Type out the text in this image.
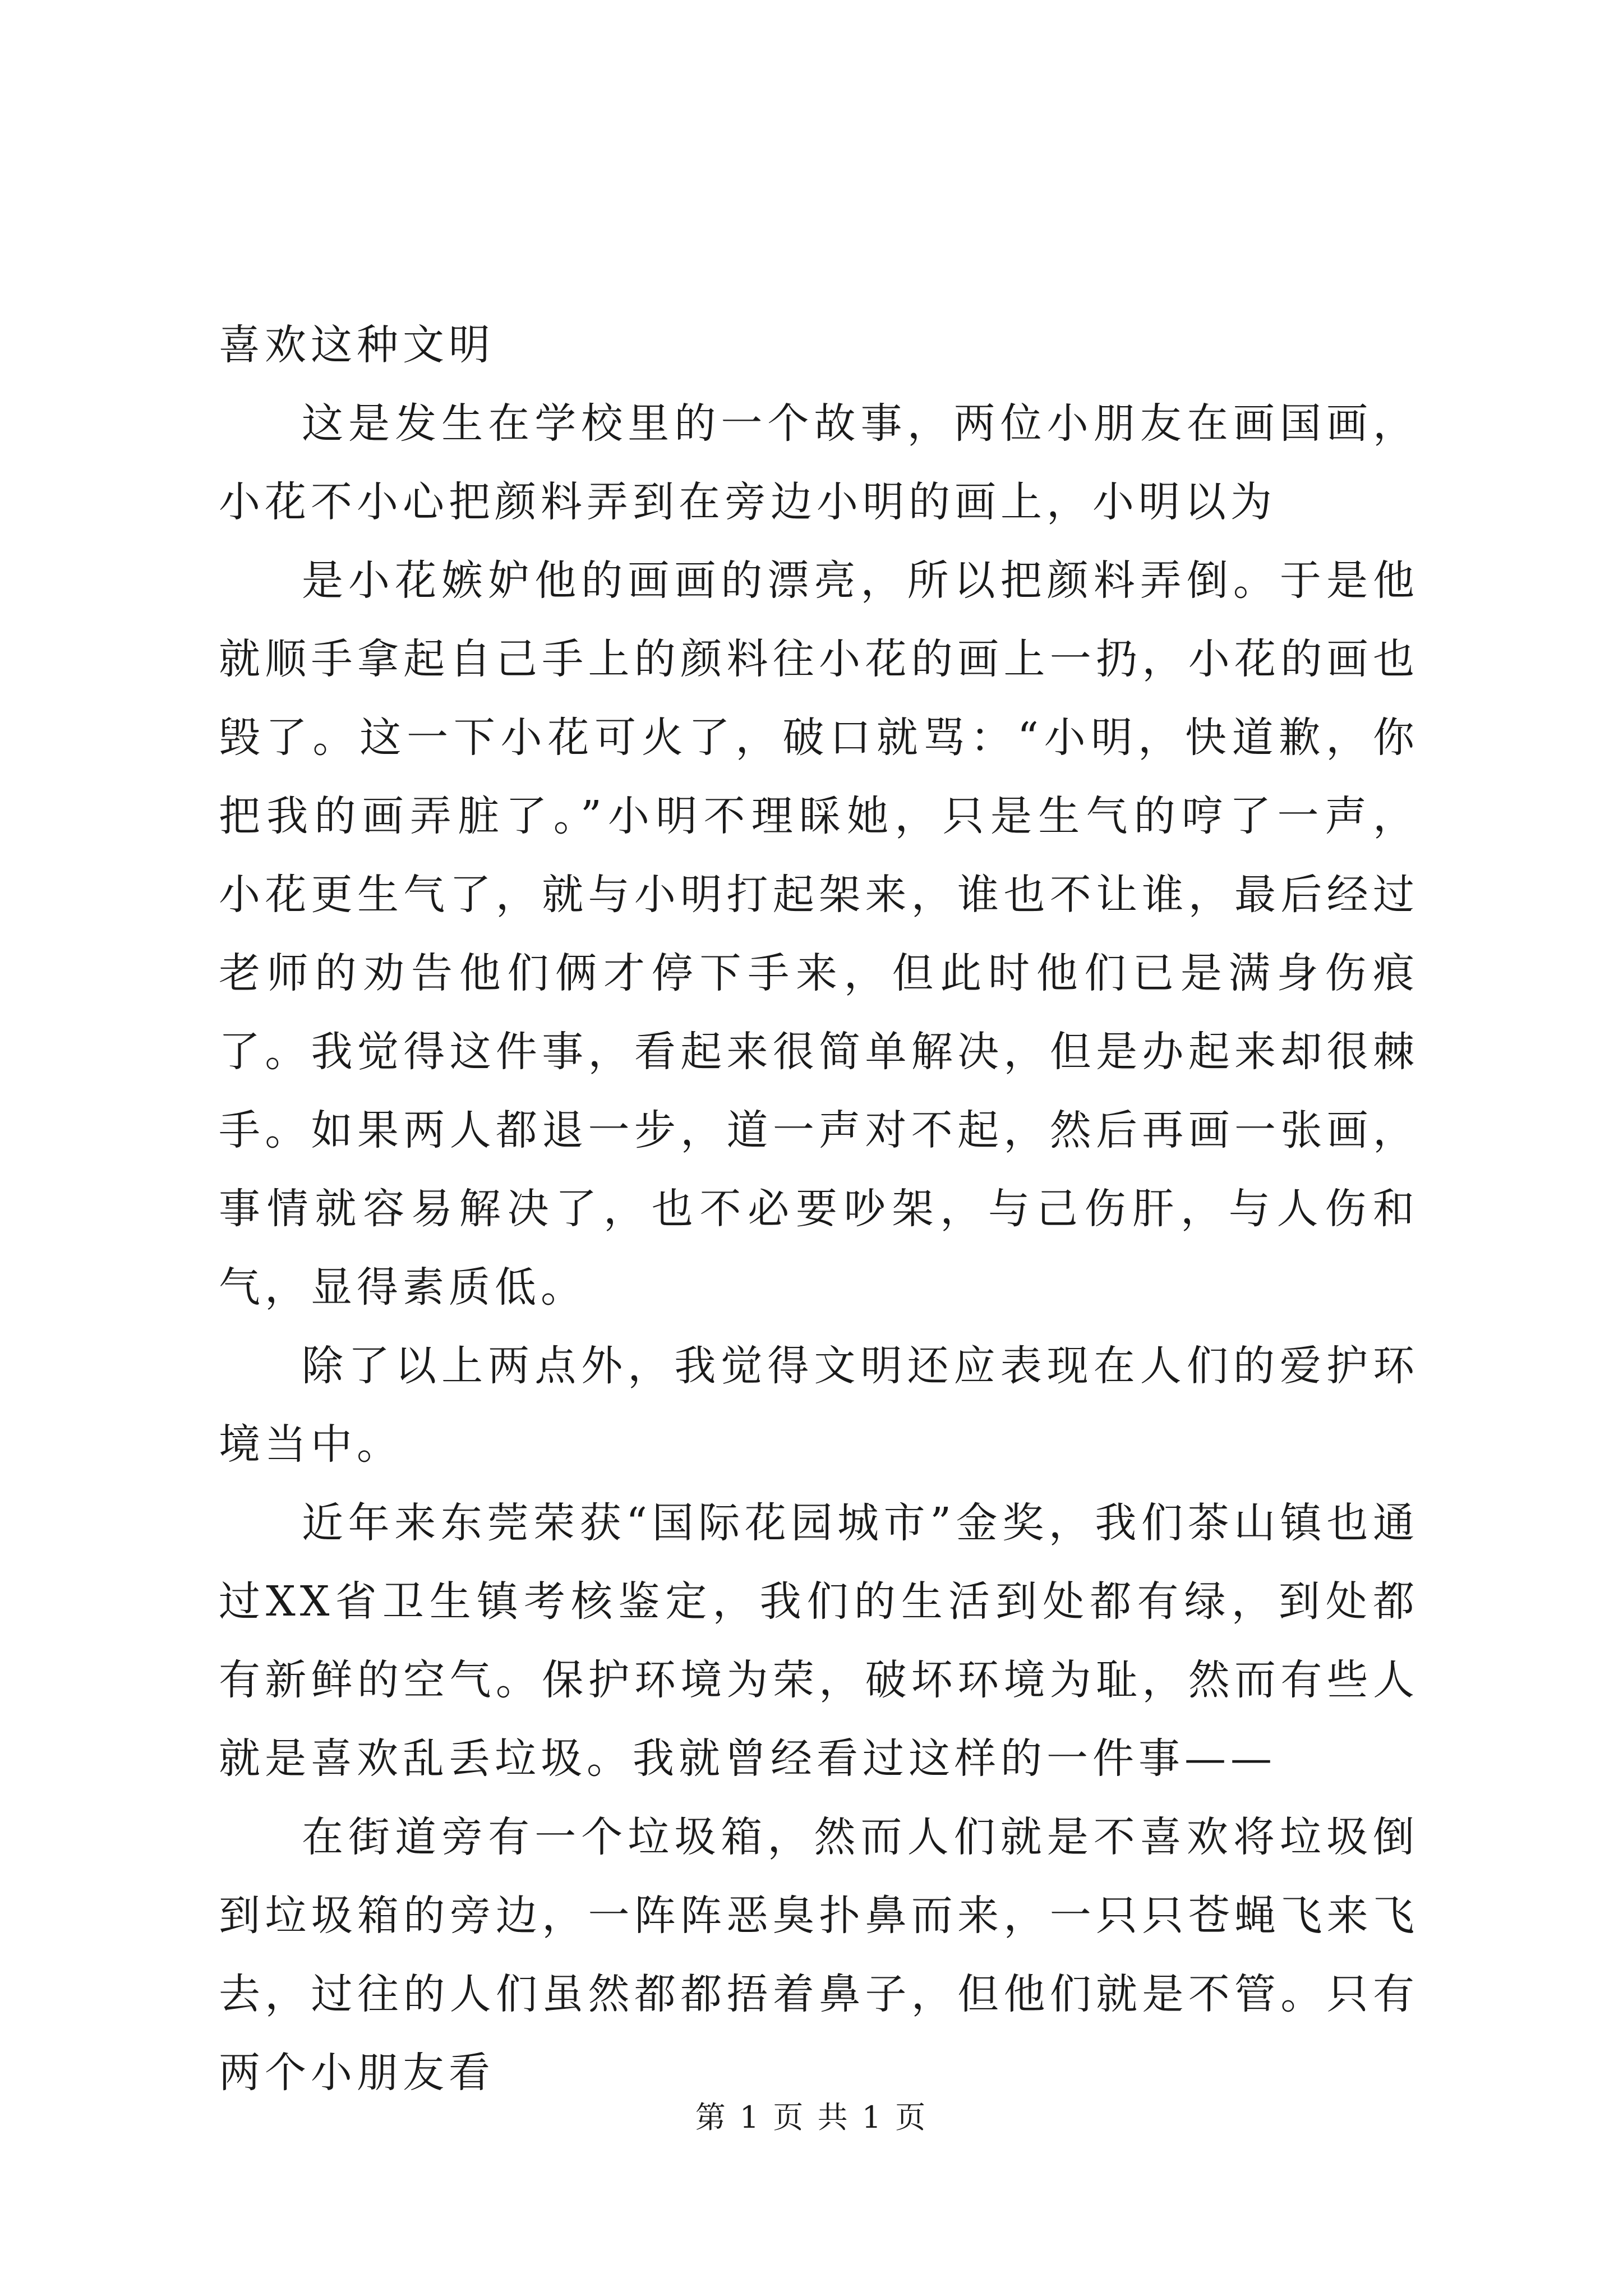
喜欢这种文明

这是发生在学校里的一个故事，两位小朋友在画国画，小花不小心把颜料弄到在旁边小明的画上，小明以为

是小花嫉妒他的画画的漂亮，所以把颜料弄倒。于是他就顺手拿起自己手上的颜料往小花的画上一扔，小花的画也毁了。这一下小花可火了，破口就骂：“小明，快道歉，你把我的画弄脏了。”小明不理睬她，只是生气的哼了一声，小花更生气了，就与小明打起架来，谁也不让谁，最后经过老师的劝告他们俩才停下手来，但此时他们已是满身伤痕了。我觉得这件事，看起来很简单解决，但是办起来却很棘手。如果两人都退一步，道一声对不起，然后再画一张画，事情就容易解决了，也不必要吵架，与己伤肝，与人伤和气，显得素质低。

除了以上两点外，我觉得文明还应表现在人们的爱护环境当中。

近年来东莞荣获“国际花园城市”金奖，我们茶山镇也通过XX省卫生镇考核鉴定，我们的生活到处都有绿，到处都有新鲜的空气。保护环境为荣，破坏环境为耻，然而有些人就是喜欢乱丢垃圾。我就曾经看过这样的一件事——

在街道旁有一个垃圾箱，然而人们就是不喜欢将垃圾倒到垃圾箱的旁边，一阵阵恶臭扑鼻而来，一只只苍蝇飞来飞去，过往的人们虽然都都捂着鼻子，但他们就是不管。只有两个小朋友看

第 1 页 共 1 页
